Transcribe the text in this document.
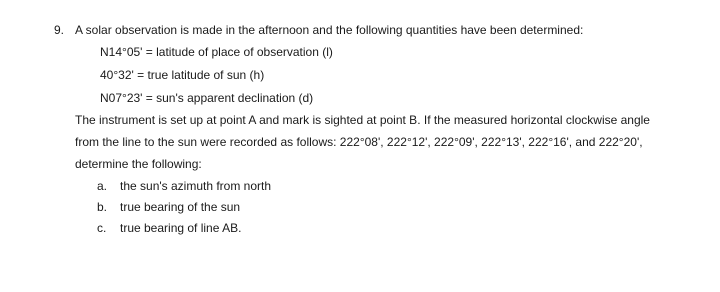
9. A solar observation is made in the afternoon and the following quantities have been determined:
N14°05' = latitude of place of observation (l)
40°32' = true latitude of sun (h)
N07°23' = sun's apparent declination (d)
The instrument is set up at point A and mark is sighted at point B. If the measured horizontal clockwise angle
from the line to the sun were recorded as follows: 222°08', 222°12', 222°09', 222°13', 222°16', and 222°20',
determine the following:
a. the sun's azimuth from north
b. true bearing of the sun
c. true bearing of line AB.
